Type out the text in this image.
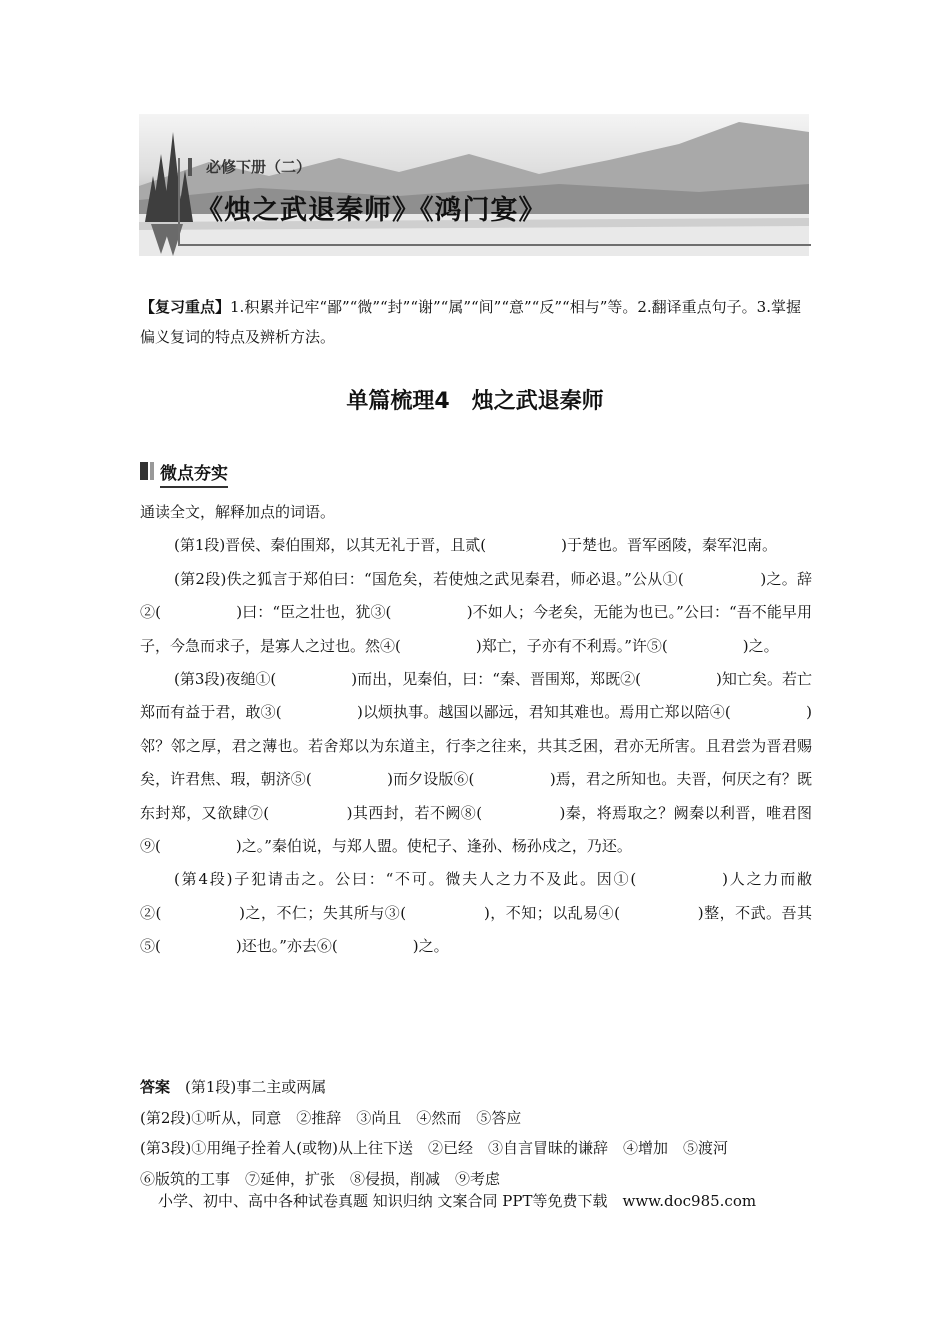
必修下册（二）
《烛之武退秦师》《鸿门宴》
【复习重点】1.积累并记牢“鄙”“微”“封”“谢”“属”“间”“意”“反”“相与”等。2.翻译重点句子。3.掌握偏义复词的特点及辨析方法。
单篇梳理4　烛之武退秦师
微点夯实

通读全文，解释加点的词语。

(第1段)晋侯、秦伯围郑，以其无礼于晋，且贰(　　　　　)于楚也。晋军函陵，秦军氾南。

(第2段)佚之狐言于郑伯曰：“国危矣，若使烛之武见秦君，师必退。”公从①(　　　　　)之。辞②(　　　　　)曰：“臣之壮也，犹③(　　　　　)不如人；今老矣，无能为也已。”公曰：“吾不能早用子，今急而求子，是寡人之过也。然④(　　　　　)郑亡，子亦有不利焉。”许⑤(　　　　　)之。

(第3段)夜缒①(　　　　　)而出，见秦伯，曰：“秦、晋围郑，郑既②(　　　　　)知亡矣。若亡郑而有益于君，敢③(　　　　　)以烦执事。越国以鄙远，君知其难也。焉用亡郑以陪④(　　　　　)邻？邻之厚，君之薄也。若舍郑以为东道主，行李之往来，共其乏困，君亦无所害。且君尝为晋君赐矣，许君焦、瑕，朝济⑤(　　　　　)而夕设版⑥(　　　　　)焉，君之所知也。夫晋，何厌之有？既东封郑，又欲肆⑦(　　　　　)其西封，若不阙⑧(　　　　　)秦，将焉取之？阙秦以利晋，唯君图⑨(　　　　　)之。”秦伯说，与郑人盟。使杞子、逢孙、杨孙戍之，乃还。

(第4段)子犯请击之。公曰：“不可。微夫人之力不及此。因①(　　　　　)人之力而敝②(　　　　　)之，不仁；失其所与③(　　　　　)，不知；以乱易④(　　　　　)整，不武。吾其⑤(　　　　　)还也。”亦去⑥(　　　　　)之。

答案　 (第1段)事二主或两属

(第2段)①听从，同意　②推辞　③尚且　④然而　⑤答应

(第3段)①用绳子拴着人(或物)从上往下送　②已经　③自言冒昧的谦辞　④增加　⑤渡河

⑥版筑的工事　⑦延伸，扩张　⑧侵损，削减　⑨考虑

小学、初中、高中各种试卷真题 知识归纳 文案合同 PPT等免费下载　www.doc985.com
